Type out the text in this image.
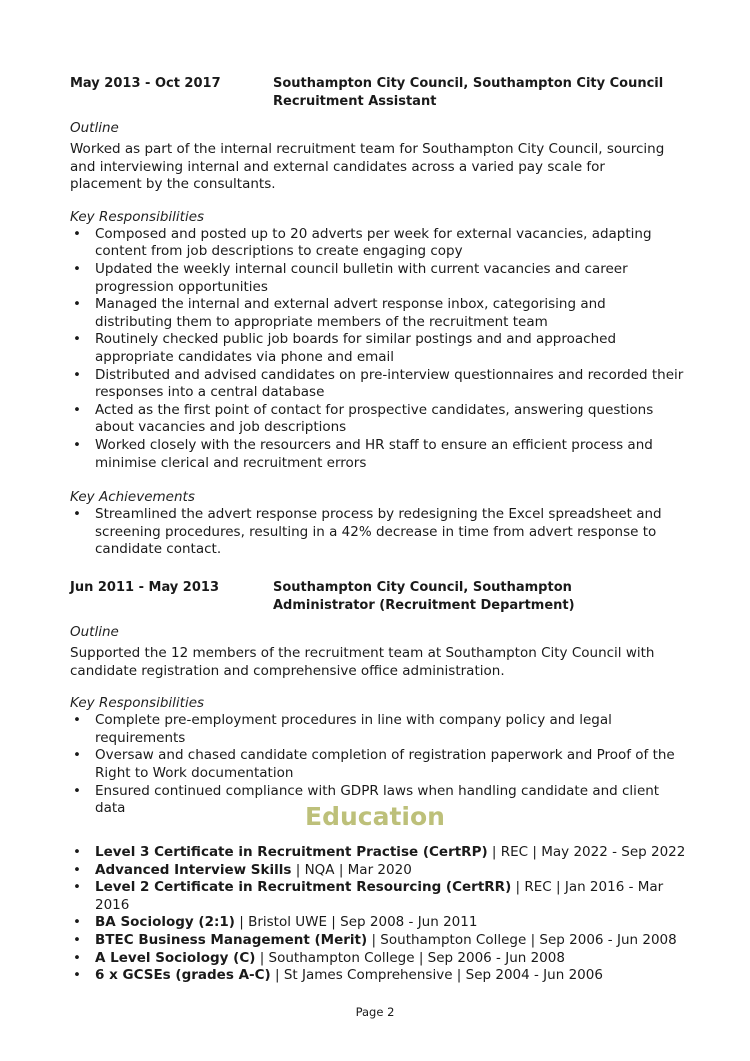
May 2013 - Oct 2017	Southampton City Council, Southampton City Council
Recruitment Assistant
Outline

Worked as part of the internal recruitment team for Southampton City Council, sourcing and interviewing internal and external candidates across a varied pay scale for placement by the consultants.

Key Responsibilities
• Composed and posted up to 20 adverts per week for external vacancies, adapting content from job descriptions to create engaging copy
• Updated the weekly internal council bulletin with current vacancies and career progression opportunities
• Managed the internal and external advert response inbox, categorising and distributing them to appropriate members of the recruitment team
• Routinely checked public job boards for similar postings and and approached appropriate candidates via phone and email
• Distributed and advised candidates on pre-interview questionnaires and recorded their responses into a central database
• Acted as the first point of contact for prospective candidates, answering questions about vacancies and job descriptions
• Worked closely with the resourcers and HR staff to ensure an efficient process and minimise clerical and recruitment errors
Key Achievements
• Streamlined the advert response process by redesigning the Excel spreadsheet and screening procedures, resulting in a 42% decrease in time from advert response to candidate contact.
Jun 2011 - May 2013	Southampton City Council, Southampton
Administrator (Recruitment Department)
Outline

Supported the 12 members of the recruitment team at Southampton City Council with candidate registration and comprehensive office administration.

Key Responsibilities
• Complete pre-employment procedures in line with company policy and legal requirements
• Oversaw and chased candidate completion of registration paperwork and Proof of the Right to Work documentation
• Ensured continued compliance with GDPR laws when handling candidate and client data
• Level 3 Certificate in Recruitment Practise (CertRP) | REC | May 2022 - Sep 2022
• Advanced Interview Skills | NQA | Mar 2020
• Level 2 Certificate in Recruitment Resourcing (CertRR) | REC | Jan 2016 - Mar 2016
• BA Sociology (2:1) | Bristol UWE | Sep 2008 - Jun 2011
• BTEC Business Management (Merit) | Southampton College | Sep 2006 - Jun 2008
• A Level Sociology (C) | Southampton College | Sep 2006 - Jun 2008
• 6 x GCSEs (grades A-C) | St James Comprehensive | Sep 2004 - Jun 2006
Education
Page 2
